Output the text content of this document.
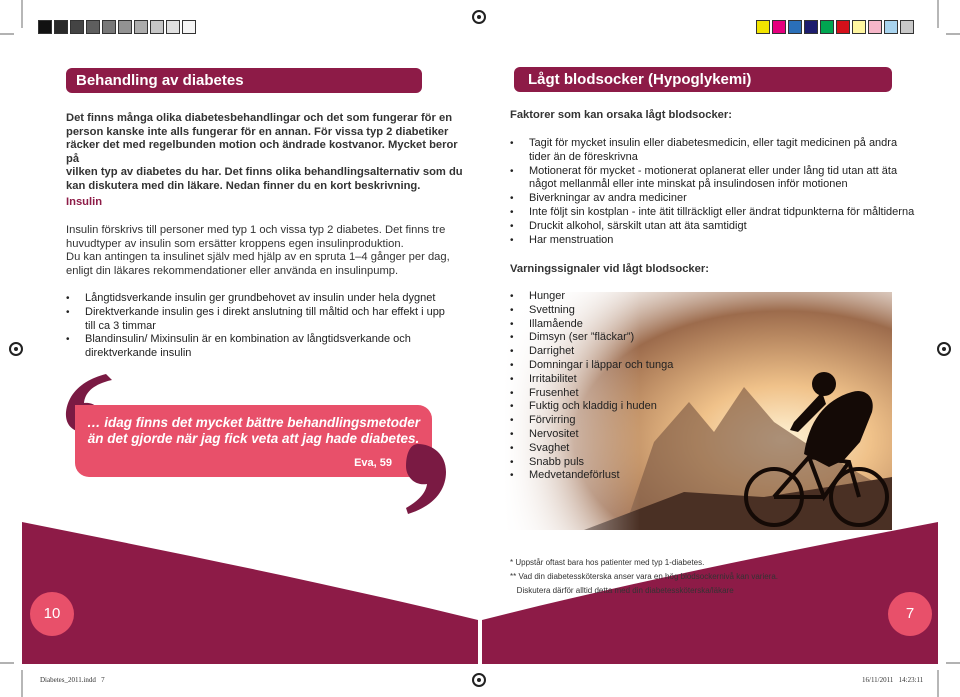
Behandling av diabetes
Det finns många olika diabetesbehandlingar och det som fungerar för en
person kanske inte alls fungerar för en annan. För vissa typ 2 diabetiker
räcker det med regelbunden motion och ändrade kostvanor. Mycket beror på
vilken typ av diabetes du har. Det finns olika behandlingsalternativ som du
kan diskutera med din läkare. Nedan finner du en kort beskrivning.
Insulin
Insulin förskrivs till personer med typ 1 och vissa typ 2 diabetes. Det finns tre
huvudtyper av insulin som ersätter kroppens egen insulinproduktion.
Du kan antingen ta insulinet själv med hjälp av en spruta 1–4 gånger per dag,
enligt din läkares rekommendationer eller använda en insulinpump.
• Långtidsverkande insulin ger grundbehovet av insulin under hela dygnet
• Direktverkande insulin ges i direkt anslutning till måltid och har effekt i upp
till ca 3 timmar
• Blandinsulin/ Mixinsulin är en kombination av långtidsverkande och
direktverkande insulin
… idag finns det mycket bättre behandlingsmetoder
än det gjorde när jag fick veta att jag hade diabetes.
Eva, 59
Lågt blodsocker (Hypoglykemi)
Faktorer som kan orsaka lågt blodsocker:
• Tagit för mycket insulin eller diabetesmedicin, eller tagit medicinen på andra
tider än de föreskrivna
• Motionerat för mycket - motionerat oplanerat eller under lång tid utan att äta
något mellanmål eller inte minskat på insulindosen inför motionen
• Biverkningar av andra mediciner
• Inte följt sin kostplan - inte ätit tillräckligt eller ändrat tidpunkterna för måltiderna
• Druckit alkohol, särskilt utan att äta samtidigt
• Har menstruation
Varningssignaler vid lågt blodsocker:
• Hunger
• Svettning
• Illamående
• Dimsyn (ser ”fläckar”)
• Darrighet
• Domningar i läppar och tunga
• Irritabilitet
• Frusenhet
• Fuktig och kladdig i huden
• Förvirring
• Nervositet
• Svaghet
• Snabb puls
• Medvetandeförlust
* Uppstår oftast bara hos patienter med typ 1-diabetes.
** Vad din diabetessköterska anser vara en hög blodsockernivå kan variera.
Diskutera därför alltid detta med din diabetessköterska/läkare
10	7
Diabetes_2011.indd   7	16/11/2011   14:23:11
